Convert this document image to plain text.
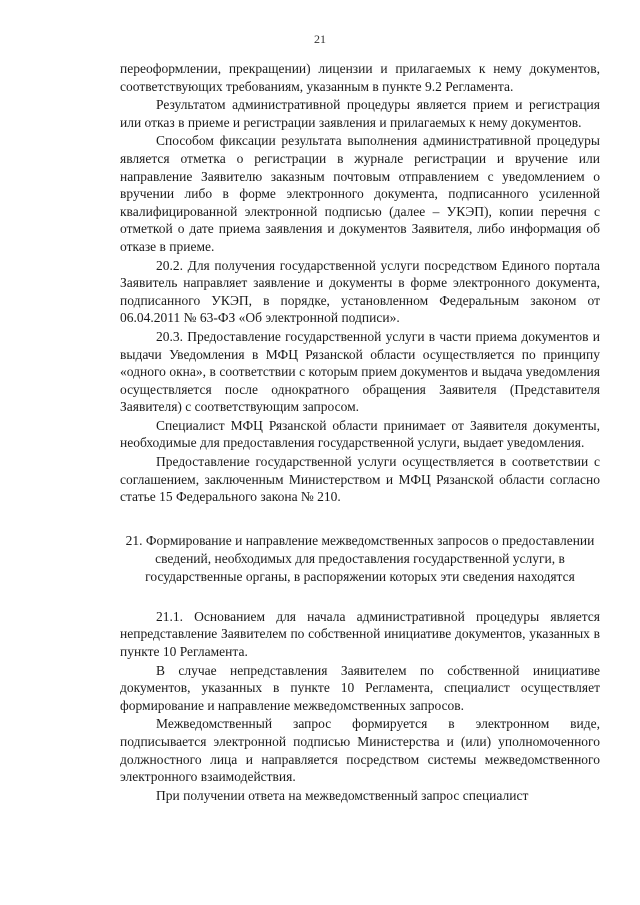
21

переоформлении, прекращении) лицензии и прилагаемых к нему документов, соответствующих требованиям, указанным в пункте 9.2 Регламента.

Результатом административной процедуры является прием и регистрация или отказ в приеме и регистрации заявления и прилагаемых к нему документов.

Способом фиксации результата выполнения административной процедуры является отметка о регистрации в журнале регистрации и вручение или направление Заявителю заказным почтовым отправлением с уведомлением о вручении либо в форме электронного документа, подписанного усиленной квалифицированной электронной подписью (далее – УКЭП), копии перечня с отметкой о дате приема заявления и документов Заявителя, либо информация об отказе в приеме.

20.2. Для получения государственной услуги посредством Единого портала Заявитель направляет заявление и документы в форме электронного документа, подписанного УКЭП, в порядке, установленном Федеральным законом от 06.04.2011 № 63-ФЗ «Об электронной подписи».

20.3. Предоставление государственной услуги в части приема документов и выдачи Уведомления в МФЦ Рязанской области осуществляется по принципу «одного окна», в соответствии с которым прием документов и выдача уведомления осуществляется после однократного обращения Заявителя (Представителя Заявителя) с соответствующим запросом.

Специалист МФЦ Рязанской области принимает от Заявителя документы, необходимые для предоставления государственной услуги, выдает уведомления.

Предоставление государственной услуги осуществляется в соответствии с соглашением, заключенным Министерством и МФЦ Рязанской области согласно статье 15 Федерального закона № 210.

21. Формирование и направление межведомственных запросов о предоставлении сведений, необходимых для предоставления государственной услуги, в государственные органы, в распоряжении которых эти сведения находятся

21.1. Основанием для начала административной процедуры является непредставление Заявителем по собственной инициативе документов, указанных в пункте 10 Регламента.

В случае непредставления Заявителем по собственной инициативе документов, указанных в пункте 10 Регламента, специалист осуществляет формирование и направление межведомственных запросов.

Межведомственный запрос формируется в электронном виде, подписывается электронной подписью Министерства и (или) уполномоченного должностного лица и направляется посредством системы межведомственного электронного взаимодействия.

При получении ответа на межведомственный запрос специалист
